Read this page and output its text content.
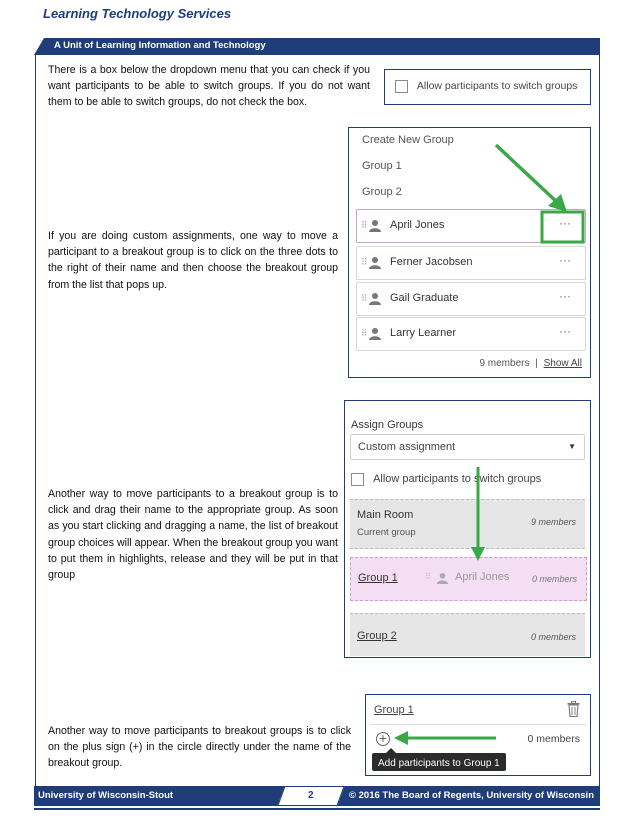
Learning Technology Services
A Unit of Learning Information and Technology
There is a box below the dropdown menu that you can check if you want participants to be able to switch groups. If you do not want them to be able to switch groups, do not check the box.
Allow participants to switch groups
If you are doing custom assignments, one way to move a participant to a breakout group is to click on the three dots to the right of their name and then choose the breakout group from the list that pops up.
Create New Group
Group 1
Group 2
⠿ April Jones	···
⠿ Ferner Jacobsen	···
⠿ Gail Graduate	···
⠿ Larry Learner	···
9 members | Show All
Another way to move participants to a breakout group is to click and drag their name to the appropriate group. As soon as you start clicking and dragging a name, the list of breakout group choices will appear. When the breakout group you want to put them in highlights, release and they will be put in that group
Assign Groups
Custom assignment	▼
Allow participants to switch groups
Main Room
Current group
9 members
Group 1	⠿ April Jones	0 members
Group 2	0 members
Another way to move participants to breakout groups is to click on the plus sign (+) in the circle directly under the name of the breakout group.
Group 1
+	0 members
Add participants to Group 1
University of Wisconsin-Stout	2	© 2016 The Board of Regents, University of Wisconsin
